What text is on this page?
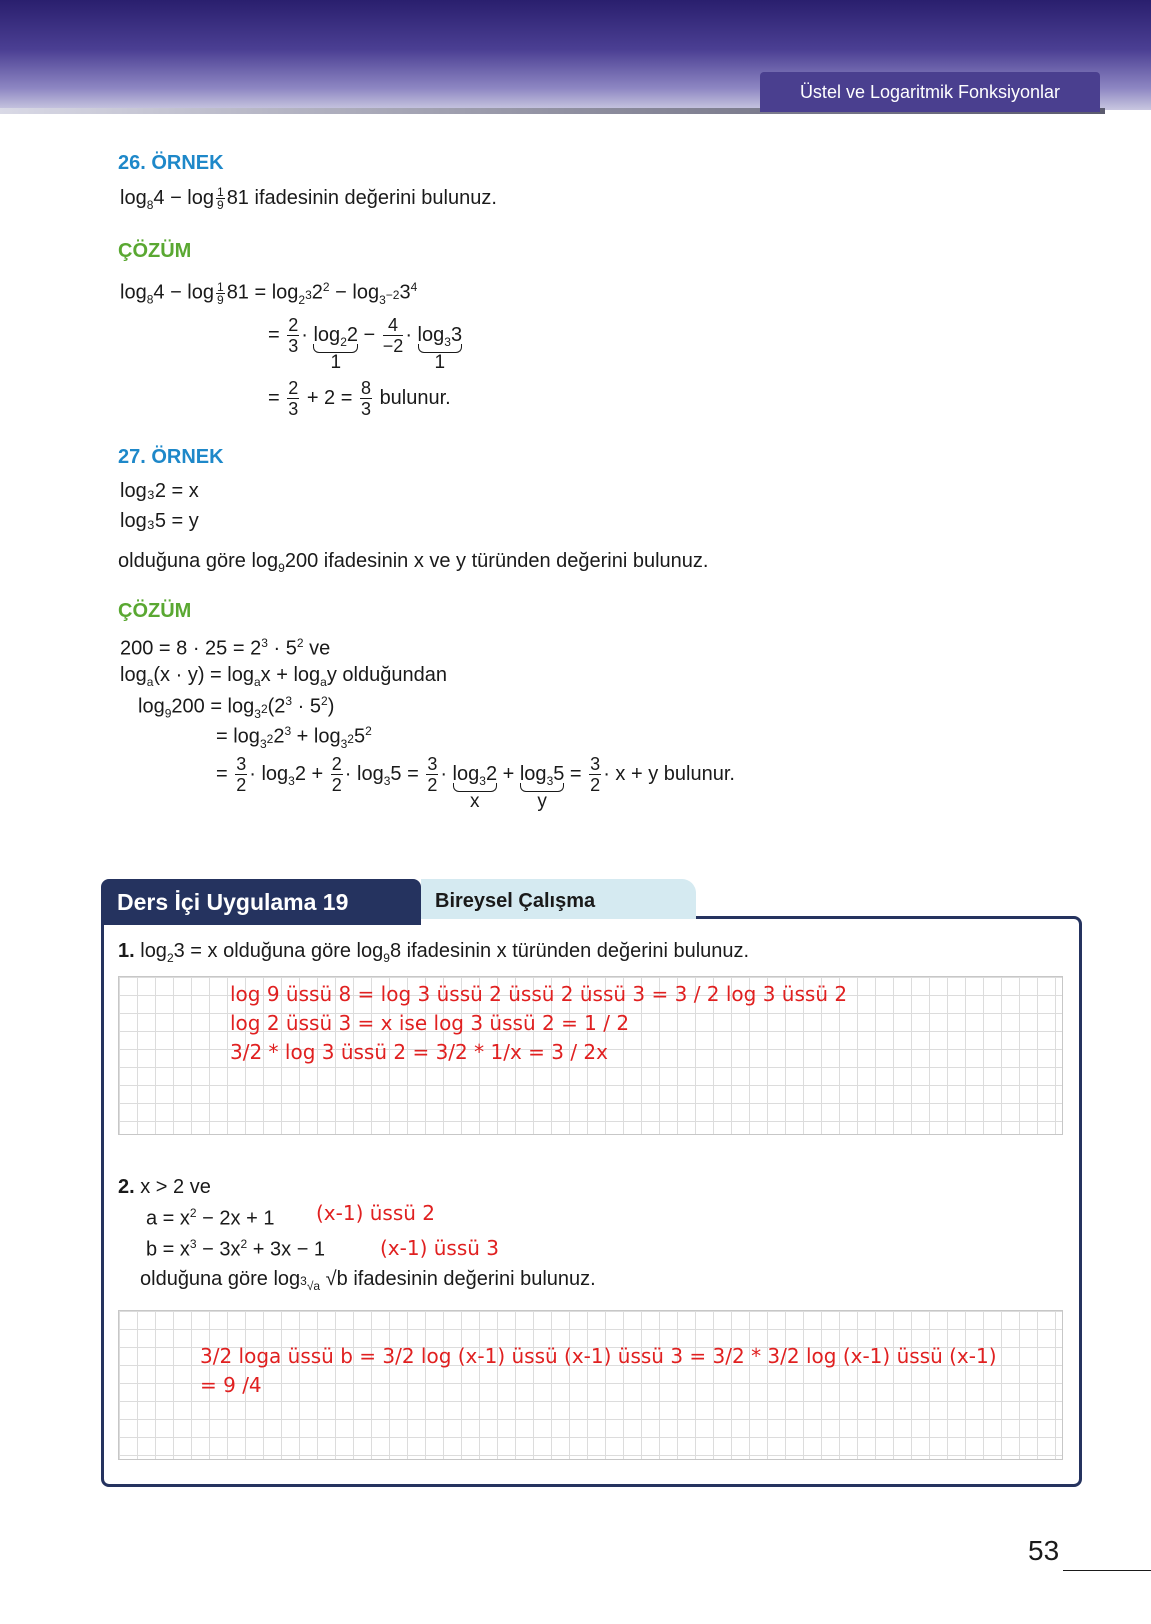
Üstel ve Logaritmik Fonksiyonlar
26. ÖRNEK
$\log_84 - \log \frac{1}{9} 81$ ifadesinin değerini bulunuz.
ÇÖZÜM
$\log_84 - \log \frac{1}{9} 81 = \log_{2^3}2^2 - \log_{3^{-2}}3^4$
= $\frac{2}{3} \cdot \log_22$
1
− $\frac{4}{-2} \cdot \log_33$
1
= $\frac{2}{3} + 2 = \frac{8}{3}$ bulunur.
27. ÖRNEK
log₃2 = x
log₃5 = y
olduğuna göre $\log_9200$ ifadesinin x ve y türünden değerini bulunuz.
ÇÖZÜM
$200 = 8 \cdot 25 = 2^3 \cdot 5^2$ ve
$\log_a(x \cdot y) = \log_ax + \log_ay$ olduğundan
$\log_9200 = \log_{3^2}(2^3 \cdot 5^2)$
= $\log_{3^2}2^3 + \log_{3^2}5^2$
= $\frac{3}{2} \cdot \log_32 + \frac{2}{2} \cdot \log_35 = \frac{3}{2} \cdot \log_32$
x
+ $\log_35$
y
= $\frac{3}{2} \cdot x + y$ bulunur.
Ders İçi Uygulama 19	Bireysel Çalışma
1. $\log_23 = x$ olduğuna göre $\log_98$ ifadesinin x türünden değerini bulunuz.
log 9 üssü 8 = log 3 üssü 2 üssü 2 üssü 3 = 3 / 2 log 3 üssü 2
log 2 üssü 3 = x ise log 3 üssü 2 = 1 / 2
3/2 * log 3 üssü 2 = 3/2 * 1/x = 3 / 2x
2. x > 2 ve
$a = x^2 - 2x + 1$ (x-1) üssü 2
$b = x^3 - 3x^2 + 3x - 1$	(x-1) üssü 3
olduğuna göre $\log_{^3√a} √b$ ifadesinin değerini bulunuz.
3/2 loga üssü b = 3/2 log (x-1) üssü (x-1) üssü 3 = 3/2 * 3/2 log (x-1) üssü (x-1)
= 9 /4
53
